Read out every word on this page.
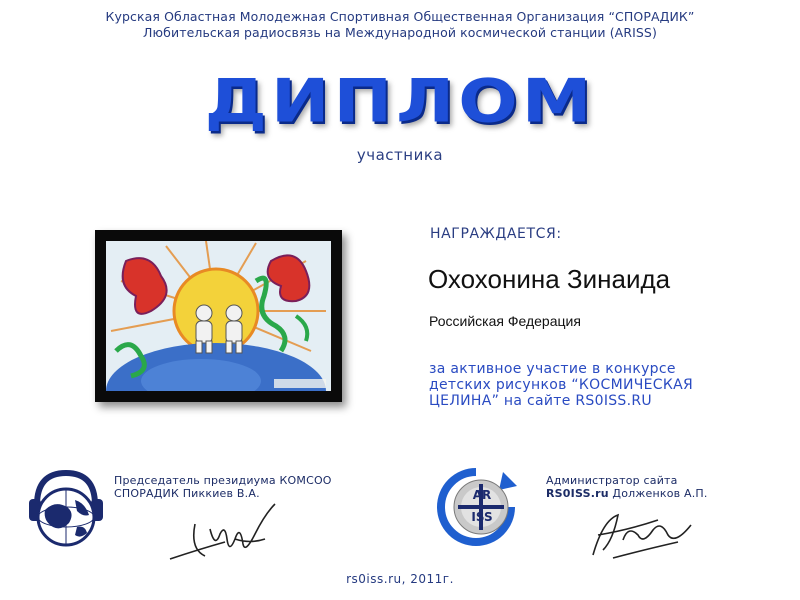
Курская Областная Молодежная Спортивная Общественная Организация “СПОРАДИК”
Любительская радиосвязь на Международной космической станции (ARISS)
ДИПЛОМ
участника
НАГРАЖДАЕТСЯ:
Охохонина Зинаида
Российская Федерация
за активное участие в конкурсе
детских рисунков “КОСМИЧЕСКАЯ
ЦЕЛИНА” на сайте RS0ISS.RU
Председатель президиума КОМСОО
СПОРАДИК Пиккиев В.А.	AR
ISS
Администратор сайта
RS0ISS.ru Долженков А.П.
rs0iss.ru, 2011г.
